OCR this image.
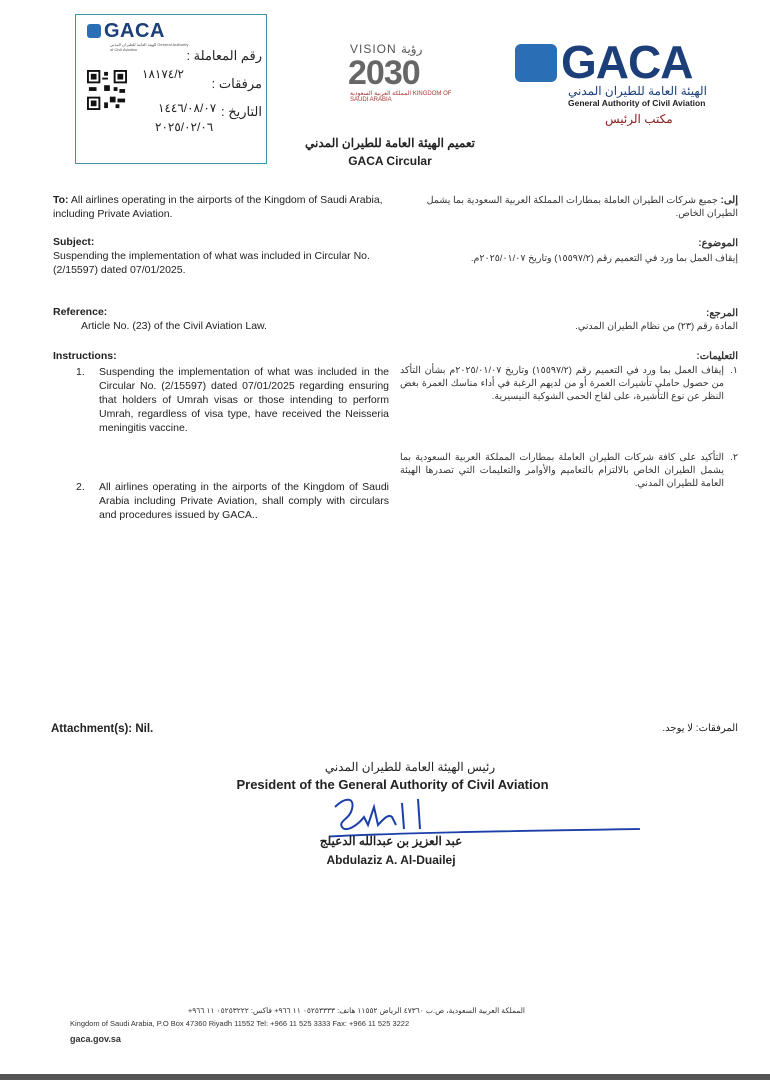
GACA
الهيئة العامة للطيران المدني General Authority of Civil Aviation	رقم المعاملة :
١٨١٧٤/٢
مرفقات :
التاريخ :
١٤٤٦/٠٨/٠٧
٢٠٢٥/٠٢/٠٦
VISION رؤية
2030
المملكة العربية السعودية KINGDOM OF SAUDI ARABIA
GACA
الهيئة العامة للطيران المدني
General Authority of Civil Aviation
مكتب الرئيس
تعميم الهيئة العامة للطيران المدني
GACA Circular
To: All airlines operating in the airports of the Kingdom of Saudi Arabia, including Private Aviation.
إلى: جميع شركات الطيران العاملة بمطارات المملكة العربية السعودية بما يشمل الطيران الخاص.
Subject:
Suspending the implementation of what was included in Circular No. (2/15597) dated 07/01/2025.
الموضوع:
إيقاف العمل بما ورد في التعميم رقم (١٥٥٩٧/٢) وتاريخ ٢٠٢٥/٠١/٠٧م.
Reference:
Article No. (23) of the Civil Aviation Law.
المرجع:
المادة رقم (٢٣) من نظام الطيران المدني.
Instructions:	التعليمات:
1. Suspending the implementation of what was included in the Circular No. (2/15597) dated 07/01/2025 regarding ensuring that holders of Umrah visas or those intending to perform Umrah, regardless of visa type, have received the Neisseria meningitis vaccine.
١.
إيقاف العمل بما ورد في التعميم رقم (١٥٥٩٧/٢) وتاريخ ٢٠٢٥/٠١/٠٧م بشأن التأكد من حصول حاملي تأشيرات العمرة أو من لديهم الرغبة في أداء مناسك العمرة بغض النظر عن نوع التأشيرة، على لقاح الحمى الشوكية النيسيرية.
2. All airlines operating in the airports of the Kingdom of Saudi Arabia including Private Aviation, shall comply with circulars and procedures issued by GACA..
٢.
التأكيد على كافة شركات الطيران العاملة بمطارات المملكة العربية السعودية بما يشمل الطيران الخاص بالالتزام بالتعاميم والأوامر والتعليمات التي تصدرها الهيئة العامة للطيران المدني.
Attachment(s): Nil.	المرفقات: لا يوجد.
رئيس الهيئة العامة للطيران المدني
President of the General Authority of Civil Aviation
عبد العزيز بن عبدالله الدعيلج
Abdulaziz A. Al-Duailej
المملكة العربية السعودية، ص.ب ٤٧٣٦٠ الرياض ١١٥٥٢ هاتف: ٠٥٢٥٣٣٣٣ ١١ ٩٦٦+ فاكس: ٠٥٢٥٣٢٢٢ ١١ ٩٦٦+
Kingdom of Saudi Arabia, P.O Box 47360 Riyadh 11552 Tel: +966 11 525 3333 Fax: +966 11 525 3222
gaca.gov.sa
